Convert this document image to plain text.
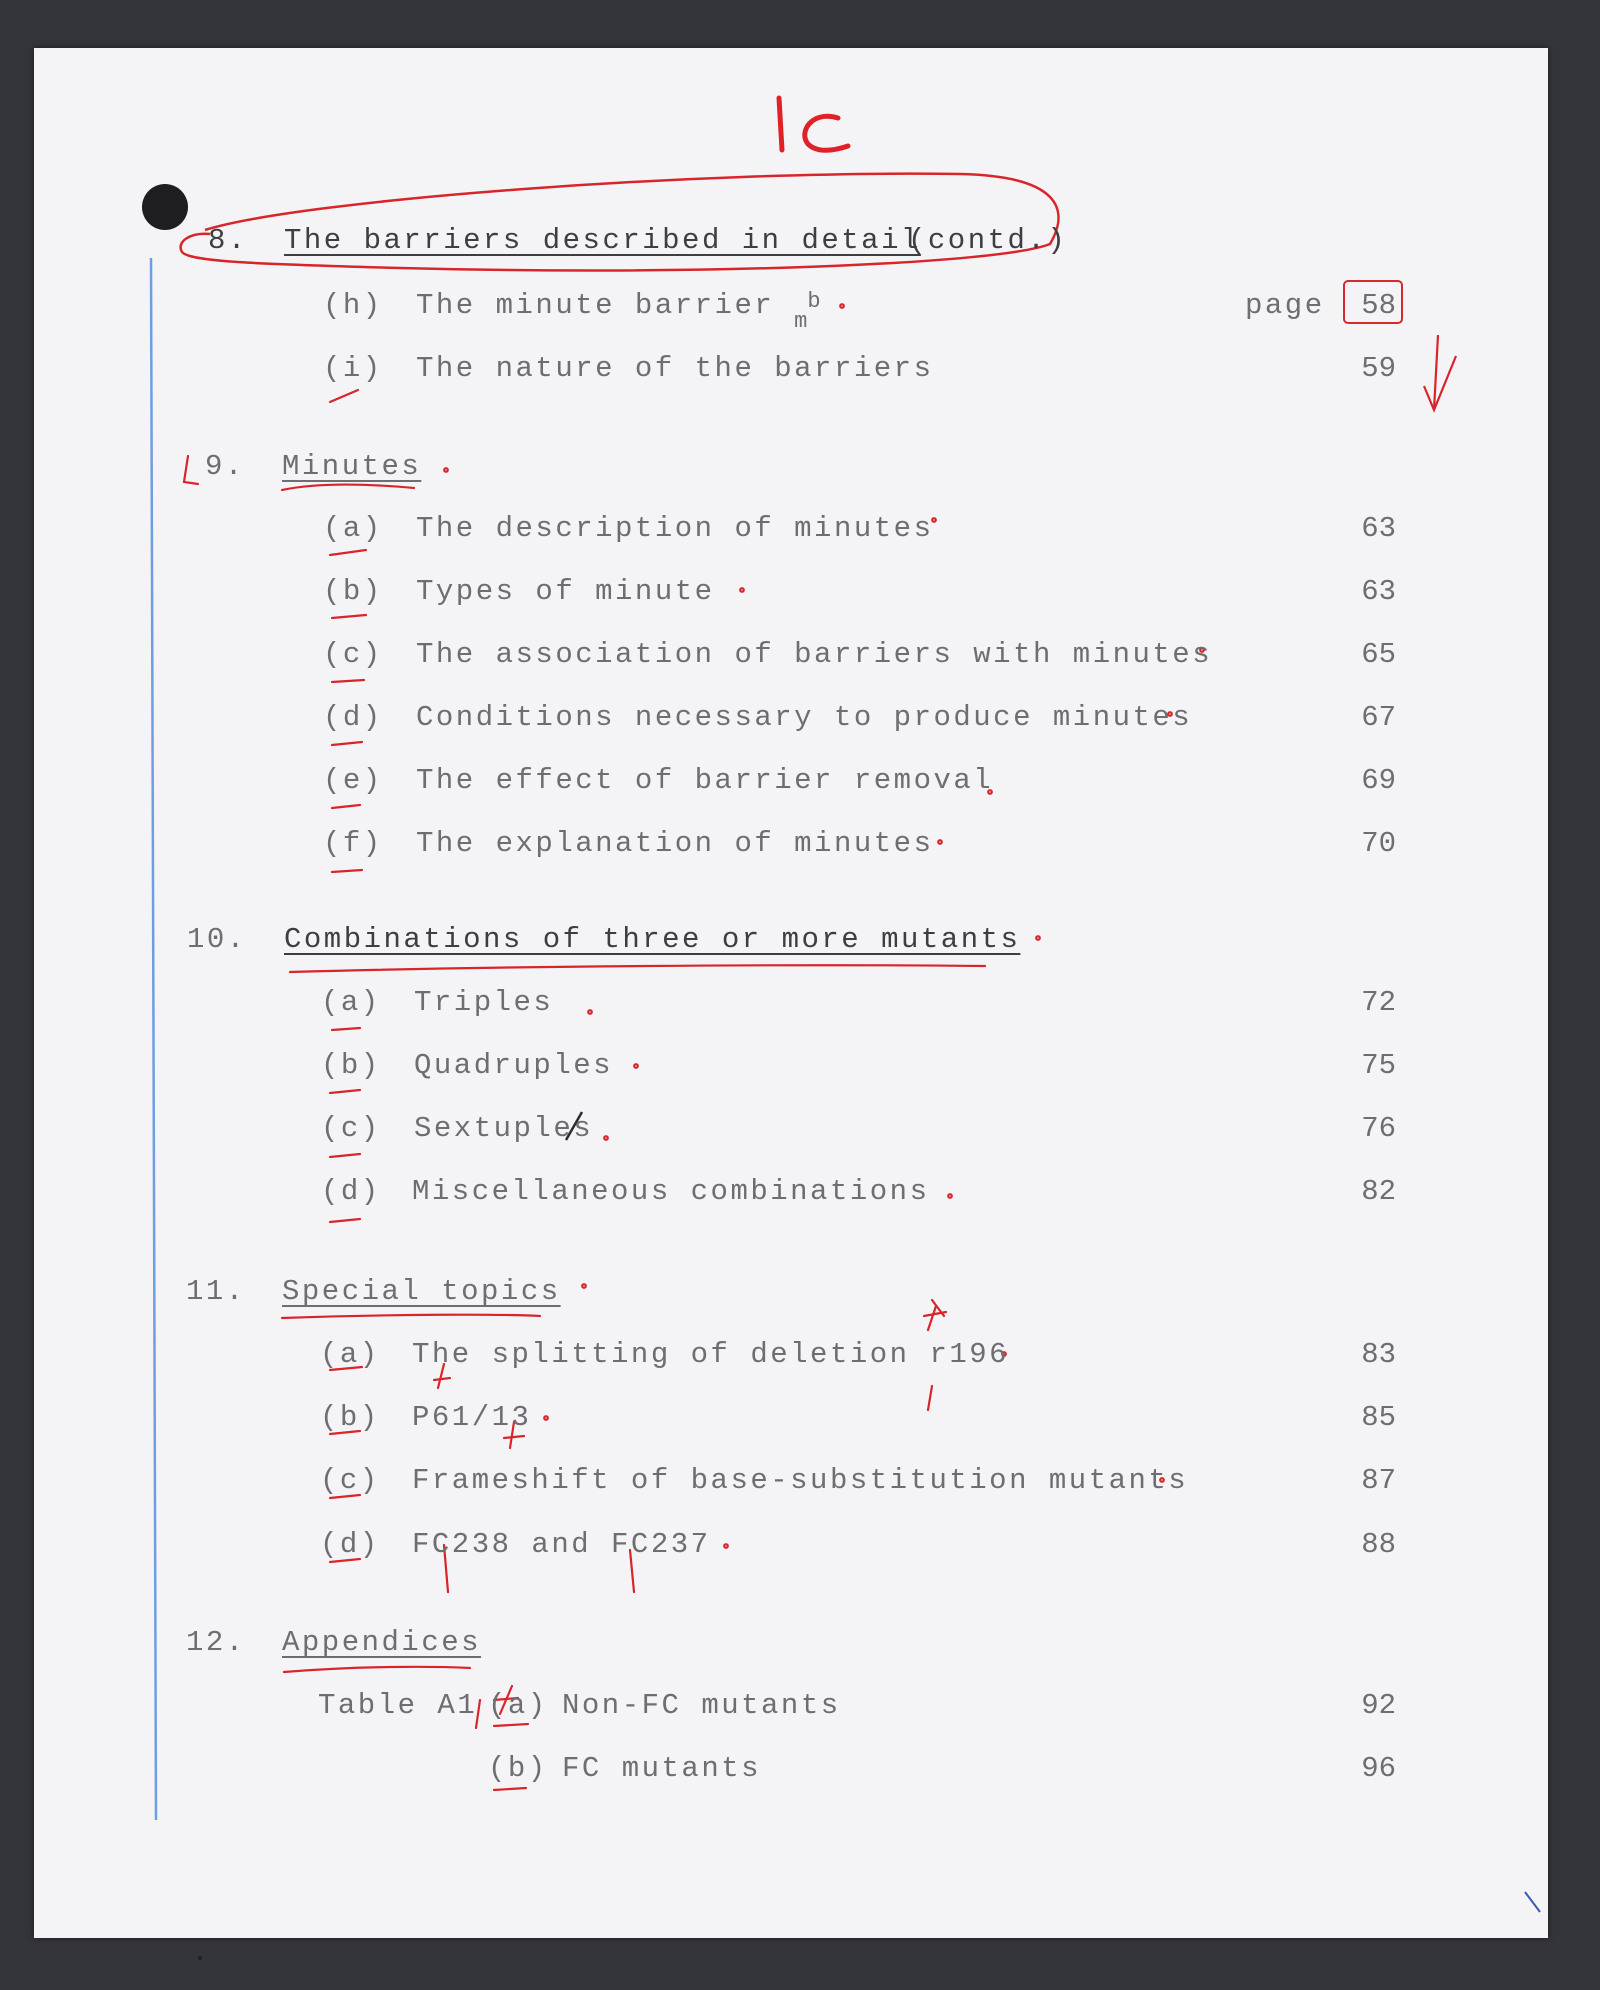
8. The barriers described in detail
(contd.)
page
(h) The minute barrier $_m^b$	58
(i) The nature of the barriers	59
9. Minutes
(a) The description of minutes	63
(b) Types of minute	63
(c) The association of barriers with minutes	65
(d) Conditions necessary to produce minutes	67
(e) The effect of barrier removal	69
(f) The explanation of minutes	70
10. Combinations of three or more mutants
(a) Triples	72
(b) Quadruples	75
(c) Sextuples	76
(d) Miscellaneous combinations	82
11. Special topics
(a) The splitting of deletion r196	83
(b) P61/13	85
(c) Frameshift of base-substitution mutants	87
(d) FC238 and FC237	88
12. Appendices
Table A1 (a) Non-FC mutants	92
(b) FC mutants	96
